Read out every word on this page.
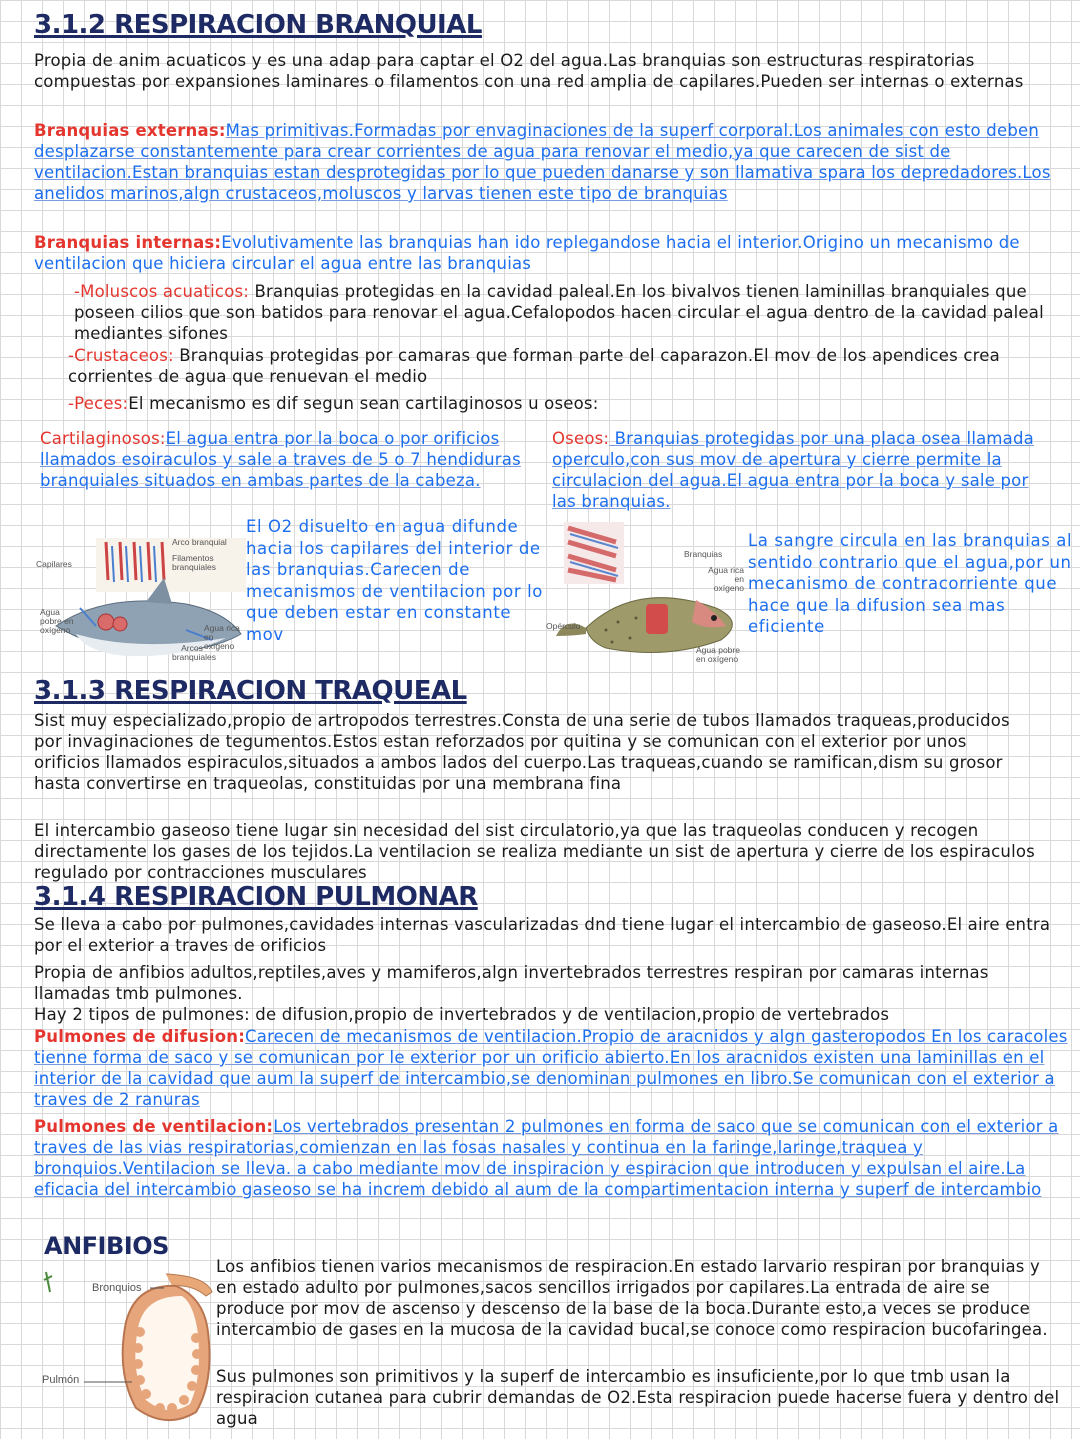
3.1.2 RESPIRACION BRANQUIAL
Propia de anim acuaticos y es una adap para captar el O2 del agua.Las branquias son estructuras respiratorias compuestas por expansiones laminares o filamentos con una red amplia de capilares.Pueden ser internas o externas
Branquias externas:Mas primitivas.Formadas por envaginaciones de la superf corporal.Los animales con esto deben desplazarse constantemente para crear corrientes de agua para renovar el medio,ya que carecen de sist de ventilacion.Estan branquias estan desprotegidas por lo que pueden danarse y son llamativa spara los depredadores.Los anelidos marinos,algn crustaceos,moluscos y larvas tienen este tipo de branquias
Branquias internas:Evolutivamente las branquias han ido replegandose hacia el interior.Origino un mecanismo de ventilacion que hiciera circular el agua entre las branquias
-Moluscos acuaticos: Branquias protegidas en la cavidad paleal.En los bivalvos tienen laminillas branquiales que poseen cilios que son batidos para renovar el agua.Cefalopodos hacen circular el agua dentro de la cavidad paleal mediantes sifones
-Crustaceos: Branquias protegidas por camaras que forman parte del caparazon.El mov de los apendices crea corrientes de agua que renuevan el medio
-Peces:El mecanismo es dif segun sean cartilaginosos u oseos:
Cartilaginosos:El agua entra por la boca o por orificios llamados esoiraculos y sale a traves de 5 o 7 hendiduras branquiales situados en ambas partes de la cabeza.
Oseos: Branquias protegidas por una placa osea llamada operculo,con sus mov de apertura y cierre permite la circulacion del agua.El agua entra por la boca y sale por las branquias.
Arco branquial
Filamentos branquiales
Capilares
Agua pobre en oxígeno	Agua rica en oxígeno
Arcos branquiales
El O2 disuelto en agua difunde hacia los capilares del interior de las branquias.Carecen de mecanismos de ventilacion por lo que deben estar en constante mov
Branquias
Agua rica en oxígeno
Opérculo
Agua pobre en oxígeno
La sangre circula en las branquias al sentido contrario que el agua,por un mecanismo de contracorriente que hace que la difusion sea mas eficiente
3.1.3 RESPIRACION TRAQUEAL
Sist muy especializado,propio de artropodos terrestres.Consta de una serie de tubos llamados traqueas,producidos por invaginaciones de tegumentos.Estos estan reforzados por quitina y se comunican con el exterior por unos orificios llamados espiraculos,situados a ambos lados del cuerpo.Las traqueas,cuando se ramifican,dism su grosor hasta convertirse en traqueolas, constituidas por una membrana fina
El intercambio gaseoso tiene lugar sin necesidad del sist circulatorio,ya que las traqueolas conducen y recogen directamente los gases de los tejidos.La ventilacion se realiza mediante un sist de apertura y cierre de los espiraculos regulado por contracciones musculares
3.1.4 RESPIRACION PULMONAR
Se lleva a cabo por pulmones,cavidades internas vascularizadas dnd tiene lugar el intercambio de gaseoso.El aire entra por el exterior a traves de orificios
Propia de anfibios adultos,reptiles,aves y mamiferos,algn invertebrados terrestres respiran por camaras internas llamadas tmb pulmones.
Hay 2 tipos de pulmones: de difusion,propio de invertebrados y de ventilacion,propio de vertebrados
Pulmones de difusion:Carecen de mecanismos de ventilacion.Propio de aracnidos y algn gasteropodos En los caracoles tienne forma de saco y se comunican por le exterior por un orificio abierto.En los aracnidos existen una laminillas en el interior de la cavidad que aum la superf de intercambio,se denominan pulmones en libro.Se comunican con el exterior a traves de 2 ranuras
Pulmones de ventilacion:Los vertebrados presentan 2 pulmones en forma de saco que se comunican con el exterior a traves de las vias respiratorias,comienzan en las fosas nasales y continua en la faringe,laringe,traquea y bronquios.Ventilacion se lleva. a cabo mediante mov de inspiracion y espiracion que introducen y expulsan el aire.La eficacia del intercambio gaseoso se ha increm debido al aum de la compartimentacion interna y superf de intercambio
ANFIBIOS
Bronquios
Pulmón
Los anfibios tienen varios mecanismos de respiracion.En estado larvario respiran por branquias y en estado adulto por pulmones,sacos sencillos irrigados por capilares.La entrada de aire se produce por mov de ascenso y descenso de la base de la boca.Durante esto,a veces se produce intercambio de gases en la mucosa de la cavidad bucal,se conoce como respiracion bucofaringea.
Sus pulmones son primitivos y la superf de intercambio es insuficiente,por lo que tmb usan la respiracion cutanea para cubrir demandas de O2.Esta respiracion puede hacerse fuera y dentro del agua
